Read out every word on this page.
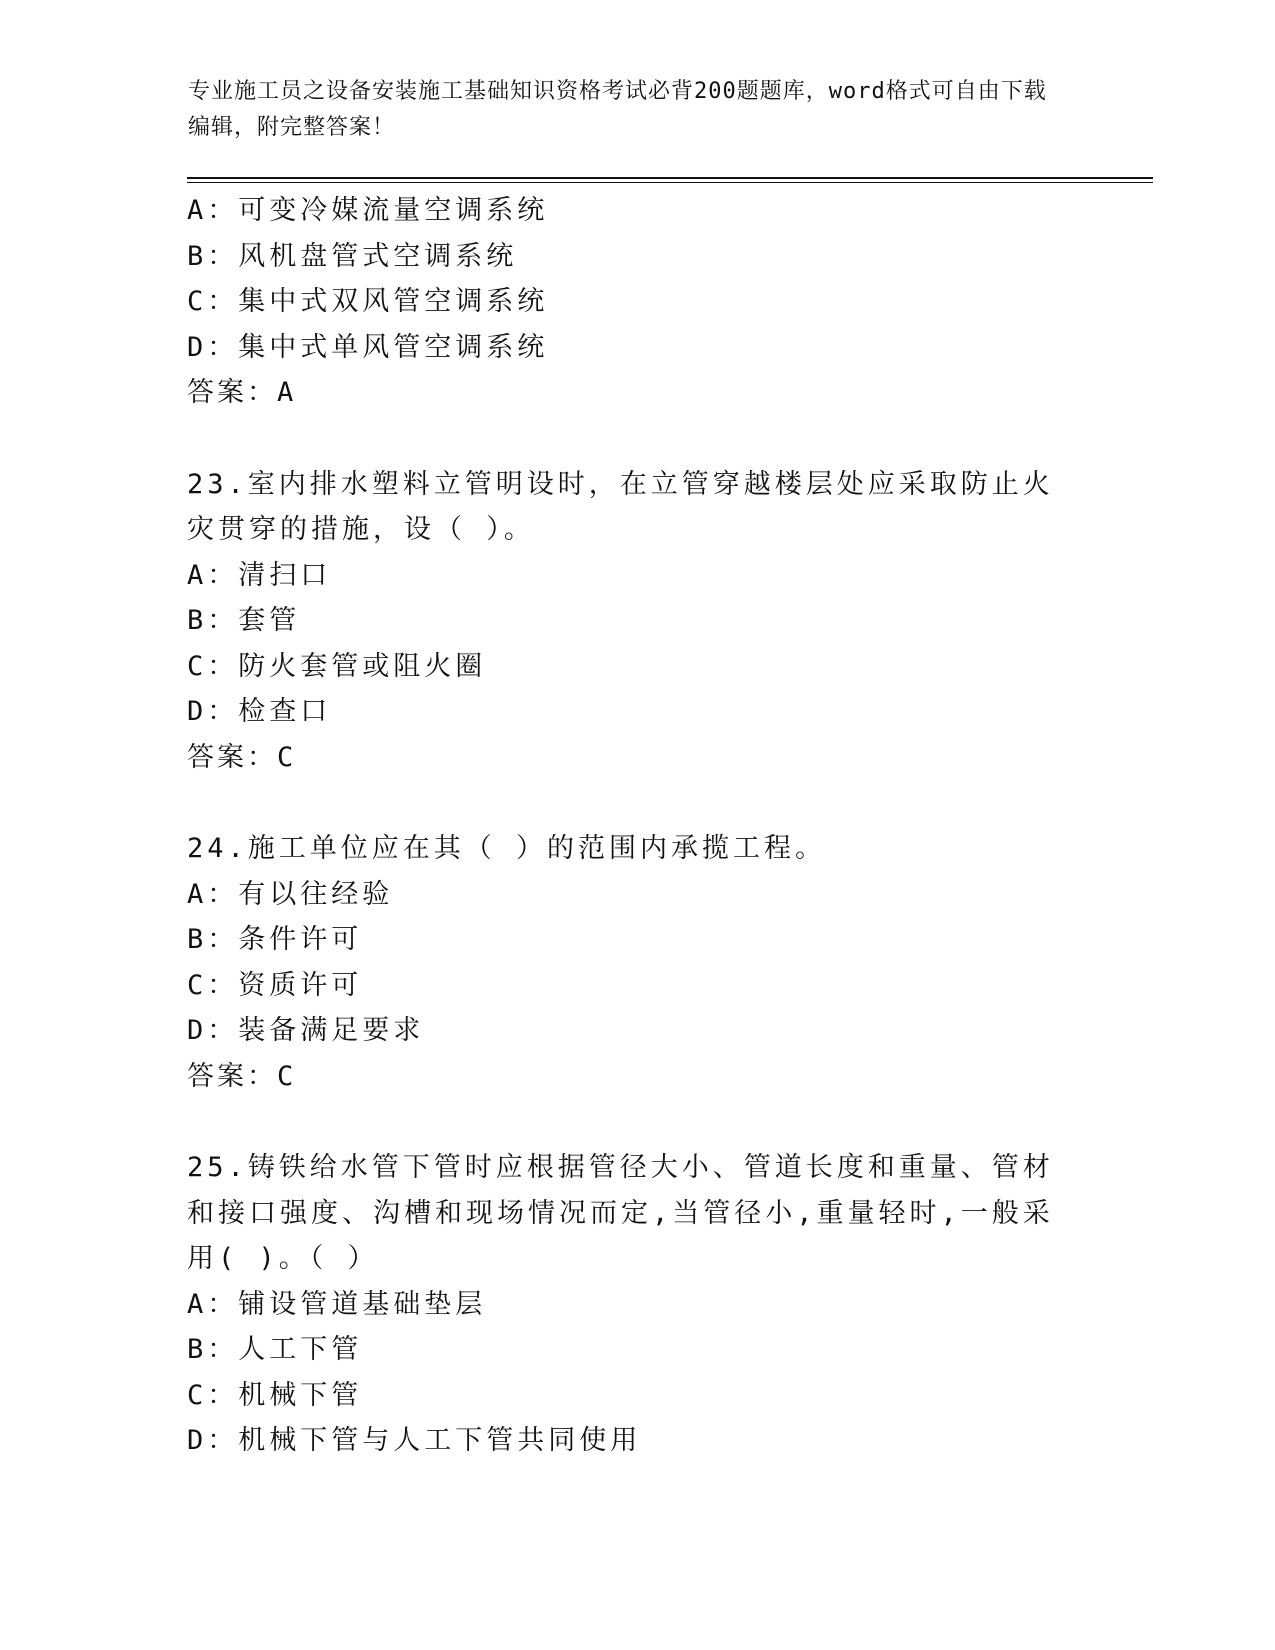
专业施工员之设备安装施工基础知识资格考试必背200题题库，word格式可自由下载编辑，附完整答案！
A：可变冷媒流量空调系统
B：风机盘管式空调系统
C：集中式双风管空调系统
D：集中式单风管空调系统
答案：A
23.室内排水塑料立管明设时，在立管穿越楼层处应采取防止火灾贯穿的措施，设（ ）。
A：清扫口
B：套管
C：防火套管或阻火圈
D：检查口
答案：C
24.施工单位应在其（ ）的范围内承揽工程。
A：有以往经验
B：条件许可
C：资质许可
D：装备满足要求
答案：C
25.铸铁给水管下管时应根据管径大小、管道长度和重量、管材和接口强度、沟槽和现场情况而定,当管径小,重量轻时,一般采用( )。（ ）
A：铺设管道基础垫层
B：人工下管
C：机械下管
D：机械下管与人工下管共同使用
